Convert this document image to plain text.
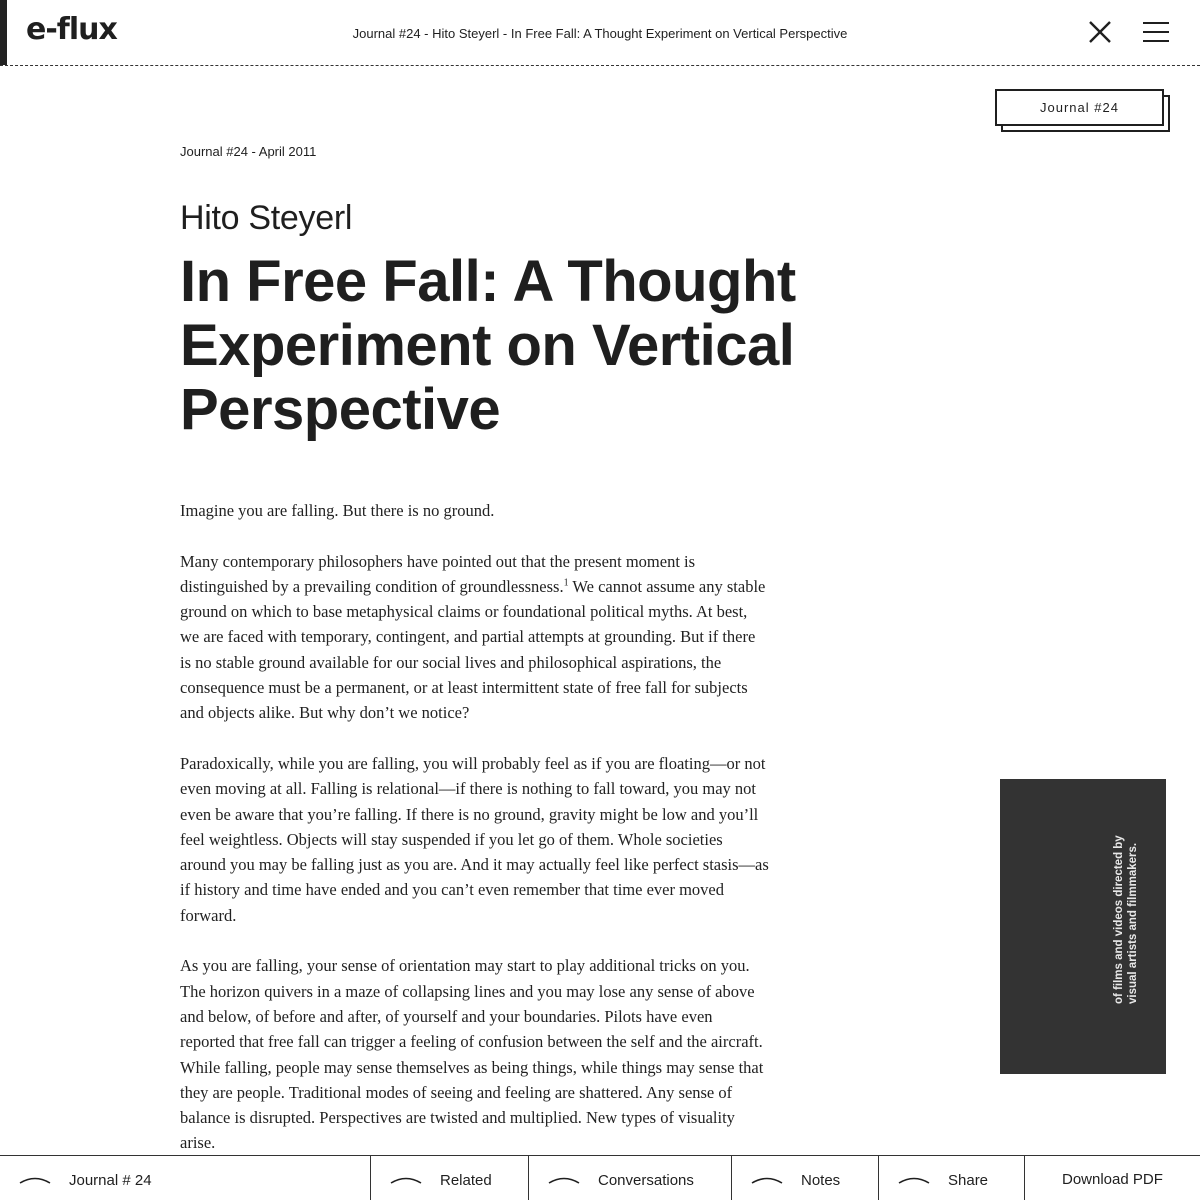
e-flux	Journal #24 - Hito Steyerl - In Free Fall: A Thought Experiment on Vertical Perspective
Journal #24
Journal #24 - April 2011
Hito Steyerl
In Free Fall: A Thought Experiment on Vertical Perspective

Imagine you are falling. But there is no ground.

Many contemporary philosophers have pointed out that the present moment is distinguished by a prevailing condition of groundlessness.$^1$ We cannot assume any stable ground on which to base metaphysical claims or foundational political myths. At best, we are faced with temporary, contingent, and partial attempts at grounding. But if there is no stable ground available for our social lives and philosophical aspirations, the consequence must be a permanent, or at least intermittent state of free fall for subjects and objects alike. But why don’t we notice?

Paradoxically, while you are falling, you will probably feel as if you are floating—or not even moving at all. Falling is relational—if there is nothing to fall toward, you may not even be aware that you’re falling. If there is no ground, gravity might be low and you’ll feel weightless. Objects will stay suspended if you let go of them. Whole societies around you may be falling just as you are. And it may actually feel like perfect stasis—as if history and time have ended and you can’t even remember that time ever moved forward.

As you are falling, your sense of orientation may start to play additional tricks on you. The horizon quivers in a maze of collapsing lines and you may lose any sense of above and below, of before and after, of yourself and your boundaries. Pilots have even reported that free fall can trigger a feeling of confusion between the self and the aircraft. While falling, people may sense themselves as being things, while things may sense that they are people. Traditional modes of seeing and feeling are shattered. Any sense of balance is disrupted. Perspectives are twisted and multiplied. New types of visuality arise.

of films and videos directed by visual artists and filmmakers.
Journal # 24	Related	Conversations	Notes	Share	Download PDF
